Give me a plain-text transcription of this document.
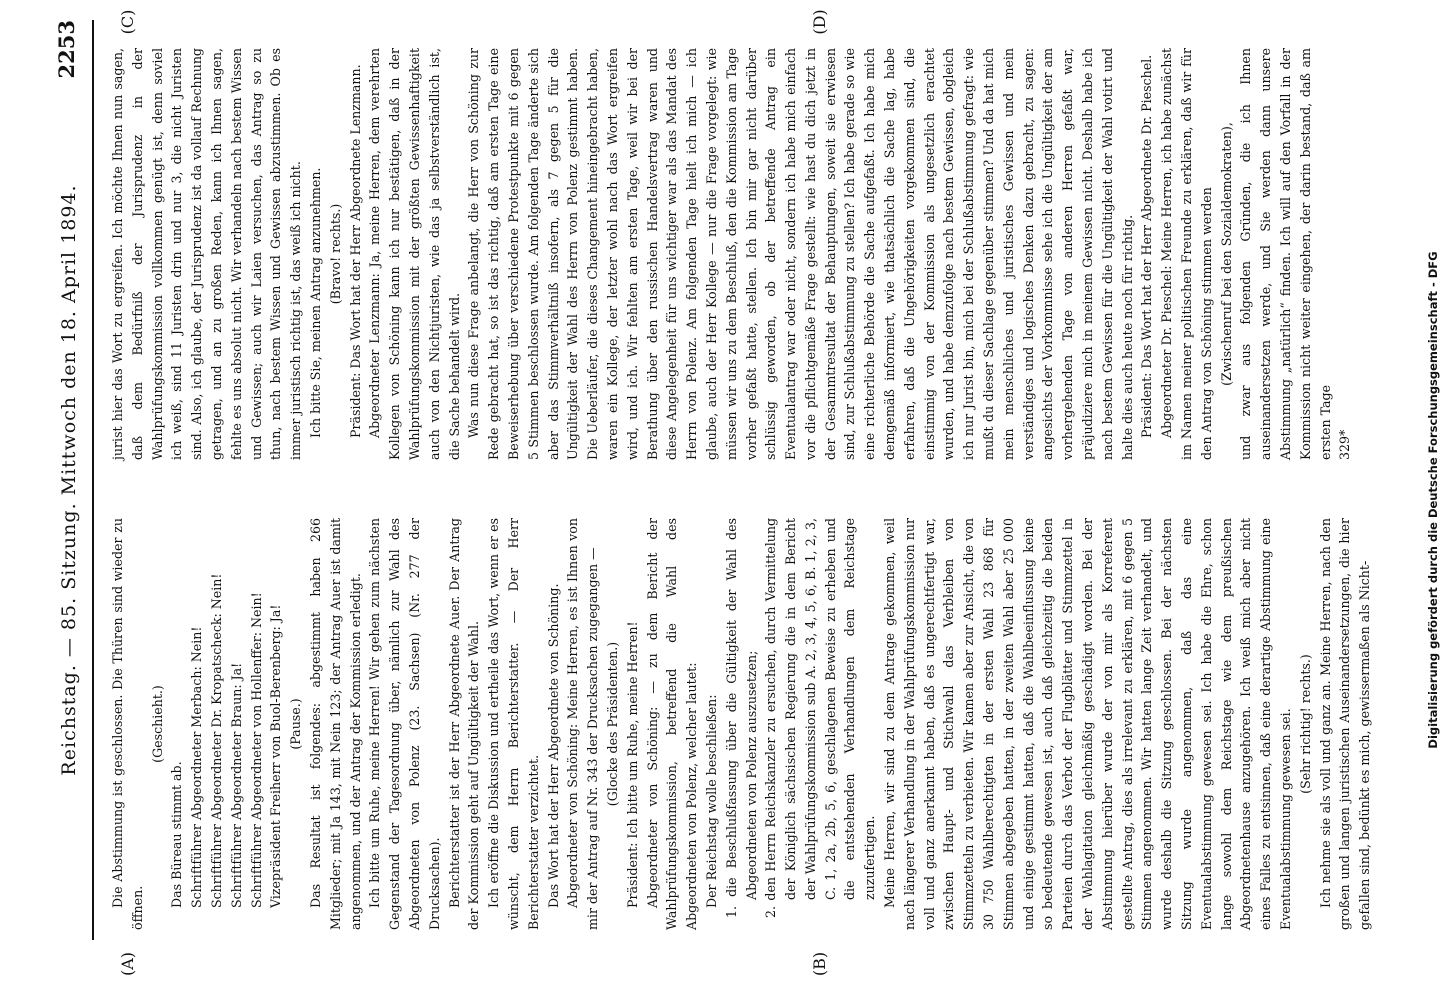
Reichstag. — 85. Sitzung. Mittwoch den 18. April 1894.
2253
(A)	(B)
(C)	(D)

Die Abstimmung ist geschlossen. Die Thüren sind wieder zu öffnen.

(Geschieht.)

Das Büreau stimmt ab. Schriftführer Abgeordneter Merbach: Nein! Schriftführer Abgeordneter Dr. Kropatscheck: Nein! Schriftführer Abgeordneter Braun: Ja! Schriftführer Abgeordneter von Hollenffer: Nein! Vizepräsident Freiherr von Buol-Berenberg: Ja! (Pause.) Das Resultat ist folgendes: abgestimmt haben 266 Mitglieder; mit Ja 143, mit Nein 123; der Antrag Auer ist damit angenommen, und der Antrag der Kommission erledigt. Ich bitte um Ruhe, meine Herren! Wir gehen zum nächsten Gegenstand der Tagesordnung über, nämlich zur Wahl des Abgeordneten von Polenz (23. Sachsen) (Nr. 277 der Drucksachen). Berichterstatter ist der Herr Abgeordnete Auer. Der Antrag der Kommission geht auf Ungültigkeit der Wahl. Ich eröffne die Diskussion und ertheile das Wort, wenn er es wünscht, dem Herrn Berichterstatter. — Der Herr Berichterstatter verzichtet. Das Wort hat der Herr Abgeordnete von Schöning. Abgeordneter von Schöning: Meine Herren, es ist Ihnen von mir der Antrag auf Nr. 343 der Drucksachen zugegangen — (Glocke des Präsidenten.) Präsident: Ich bitte um Ruhe, meine Herren! Abgeordneter von Schöning: — zu dem Bericht der Wahlprüfungskommission, betreffend die Wahl des Abgeordneten von Polenz, welcher lautet: Der Reichstag wolle beschließen: 1. die Beschlußfassung über die Gültigkeit der Wahl des Abgeordneten von Polenz auszusetzen; 2. den Herrn Reichskanzler zu ersuchen, durch Vermittelung der Königlich sächsischen Regierung die in dem Bericht der Wahlprüfungskommission sub A. 2, 3, 4, 5, 6, B. 1, 2, 3, C. 1, 2a, 2b, 5, 6, geschlagenen Beweise zu erheben und die entstehenden Verhandlungen dem Reichstage zuzufertigen. Meine Herren, wir sind zu dem Antrage gekommen, weil nach längerer Verhandlung in der Wahlprüfungskommission nur voll und ganz anerkannt haben, daß es ungerechtfertigt war, zwischen Haupt- und Stichwahl das Verbleiben von Stimmzetteln zu verbieten. Wir kamen aber zur Ansicht, die von 30 750 Wahlberechtigten in der ersten Wahl 23 868 für Stimmen abgegeben hatten, in der zweiten Wahl aber 25 000 und einige gestimmt hatten, daß die Wahlbeeinflussung keine so bedeutende gewesen ist, auch daß gleichzeitig die beiden Parteien durch das Verbot der Flugblätter und Stimmzettel in der Wahlagitation gleichmäßig geschädigt worden. Bei der Abstimmung hierüber wurde der von mir als Korreferent gestellte Antrag, dies als irrelevant zu erklären, mit 6 gegen 5 Stimmen angenommen. Wir hatten lange Zeit verhandelt, und wurde deshalb die Sitzung geschlossen. Bei der nächsten Sitzung wurde angenommen, daß das eine Eventualabstimmung gewesen sei. Ich habe die Ehre, schon lange sowohl dem Reichstage wie dem preußischen Abgeordnetenhause anzugehören. Ich weiß mich aber nicht eines Falles zu entsinnen, daß eine derartige Abstimmung eine Eventualabstimmung gewesen sei. (Sehr richtig! rechts.) Ich nehme sie als voll und ganz an. Meine Herren, nach den großen und langen juristischen Auseinandersetzungen, die hier gefallen sind, bedünkt es mich, gewissermaßen als Nicht-

jurist hier das Wort zu ergreifen. Ich möchte Ihnen nun sagen, daß dem Bedürfniß der Jurisprudenz in der Wahlprüfungskommission vollkommen genügt ist, denn soviel ich weiß, sind 11 Juristen drin und nur 3, die nicht Juristen sind. Also, ich glaube, der Jurisprudenz ist da vollauf Rechnung getragen, und an zu großen Reden, kann ich Ihnen sagen, fehlte es uns absolut nicht. Wir verhandeln nach bestem Wissen und Gewissen; auch wir Laien versuchen, das Antrag so zu thun, nach bestem Wissen und Gewissen abzustimmen. Ob es immer juristisch richtig ist, das weiß ich nicht. Ich bitte Sie, meinen Antrag anzunehmen. (Bravo! rechts.) Präsident: Das Wort hat der Herr Abgeordnete Lenzmann. Abgeordneter Lenzmann: Ja, meine Herren, dem verehrten Kollegen von Schöning kann ich nur bestätigen, daß in der Wahlprüfungskommission mit der größten Gewissenhaftigkeit auch von den Nichtjuristen, wie das ja selbstverständlich ist, die Sache behandelt wird. Was nun diese Frage anbelangt, die Herr von Schöning zur Rede gebracht hat, so ist das richtig, daß am ersten Tage eine Beweiserhebung über verschiedene Protestpunkte mit 6 gegen 5 Stimmen beschlossen wurde. Am folgenden Tage änderte sich aber das Stimmverhältniß insofern, als 7 gegen 5 für die Ungültigkeit der Wahl des Herrn von Polenz gestimmt haben. Die Ueberläufer, die dieses Changement hineingebracht haben, waren ein Kollege, der letzter wohl nach das Wort ergreifen wird, und ich. Wir fehlten am ersten Tage, weil wir bei der Berathung über den russischen Handelsvertrag waren und diese Angelegenheit für uns wichtiger war als das Mandat des Herrn von Polenz. Am folgenden Tage hielt ich mich — ich glaube, auch der Herr Kollege — nur die Frage vorgelegt: wie müssen wir uns zu dem Beschluß, den die Kommission am Tage vorher gefaßt hatte, stellen. Ich bin mir gar nicht darüber schlüssig geworden, ob der betreffende Antrag ein Eventualantrag war oder nicht, sondern ich habe mich einfach vor die pflichtgemäße Frage gestellt: wie hast du dich jetzt in der Gesammtresultat der Behauptungen, soweit sie erwiesen sind, zur Schlußabstimmung zu stellen? Ich habe gerade so wie eine richterliche Behörde die Sache aufgefaßt. Ich habe mich demgemäß informiert, wie thatsächlich die Sache lag, habe erfahren, daß die Ungehörigkeiten vorgekommen sind, die einstimmig von der Kommission als ungesetzlich erachtet wurden, und habe demzufolge nach bestem Gewissen, obgleich ich nur Jurist bin, mich bei der Schlußabstimmung gefragt: wie mußt du dieser Sachlage gegenüber stimmen? Und da hat mich mein menschliches und juristisches Gewissen und mein verständiges und logisches Denken dazu gebracht, zu sagen: angesichts der Vorkommnisse sehe ich die Ungültigkeit der am vorhergehenden Tage von anderen Herren gefaßt war, präjudiziere mich in meinem Gewissen nicht. Deshalb habe ich nach bestem Gewissen für die Ungültigkeit der Wahl votirt und halte dies auch heute noch für richtig. Präsident: Das Wort hat der Herr Abgeordnete Dr. Pieschel. Abgeordneter Dr. Pieschel: Meine Herren, ich habe zunächst im Namen meiner politischen Freunde zu erklären, daß wir für den Antrag von Schöning stimmen werden (Zwischenruf bei den Sozialdemokraten), und zwar aus folgenden Gründen, die ich Ihnen auseinandersetzen werde, und Sie werden dann unsere Abstimmung „natürlich“ finden. Ich will auf den Vorfall in der Kommission nicht weiter eingehen, der darin bestand, daß am ersten Tage 329*	Digitalisierung gefördert durch die Deutsche Forschungsgemeinschaft - DFG
